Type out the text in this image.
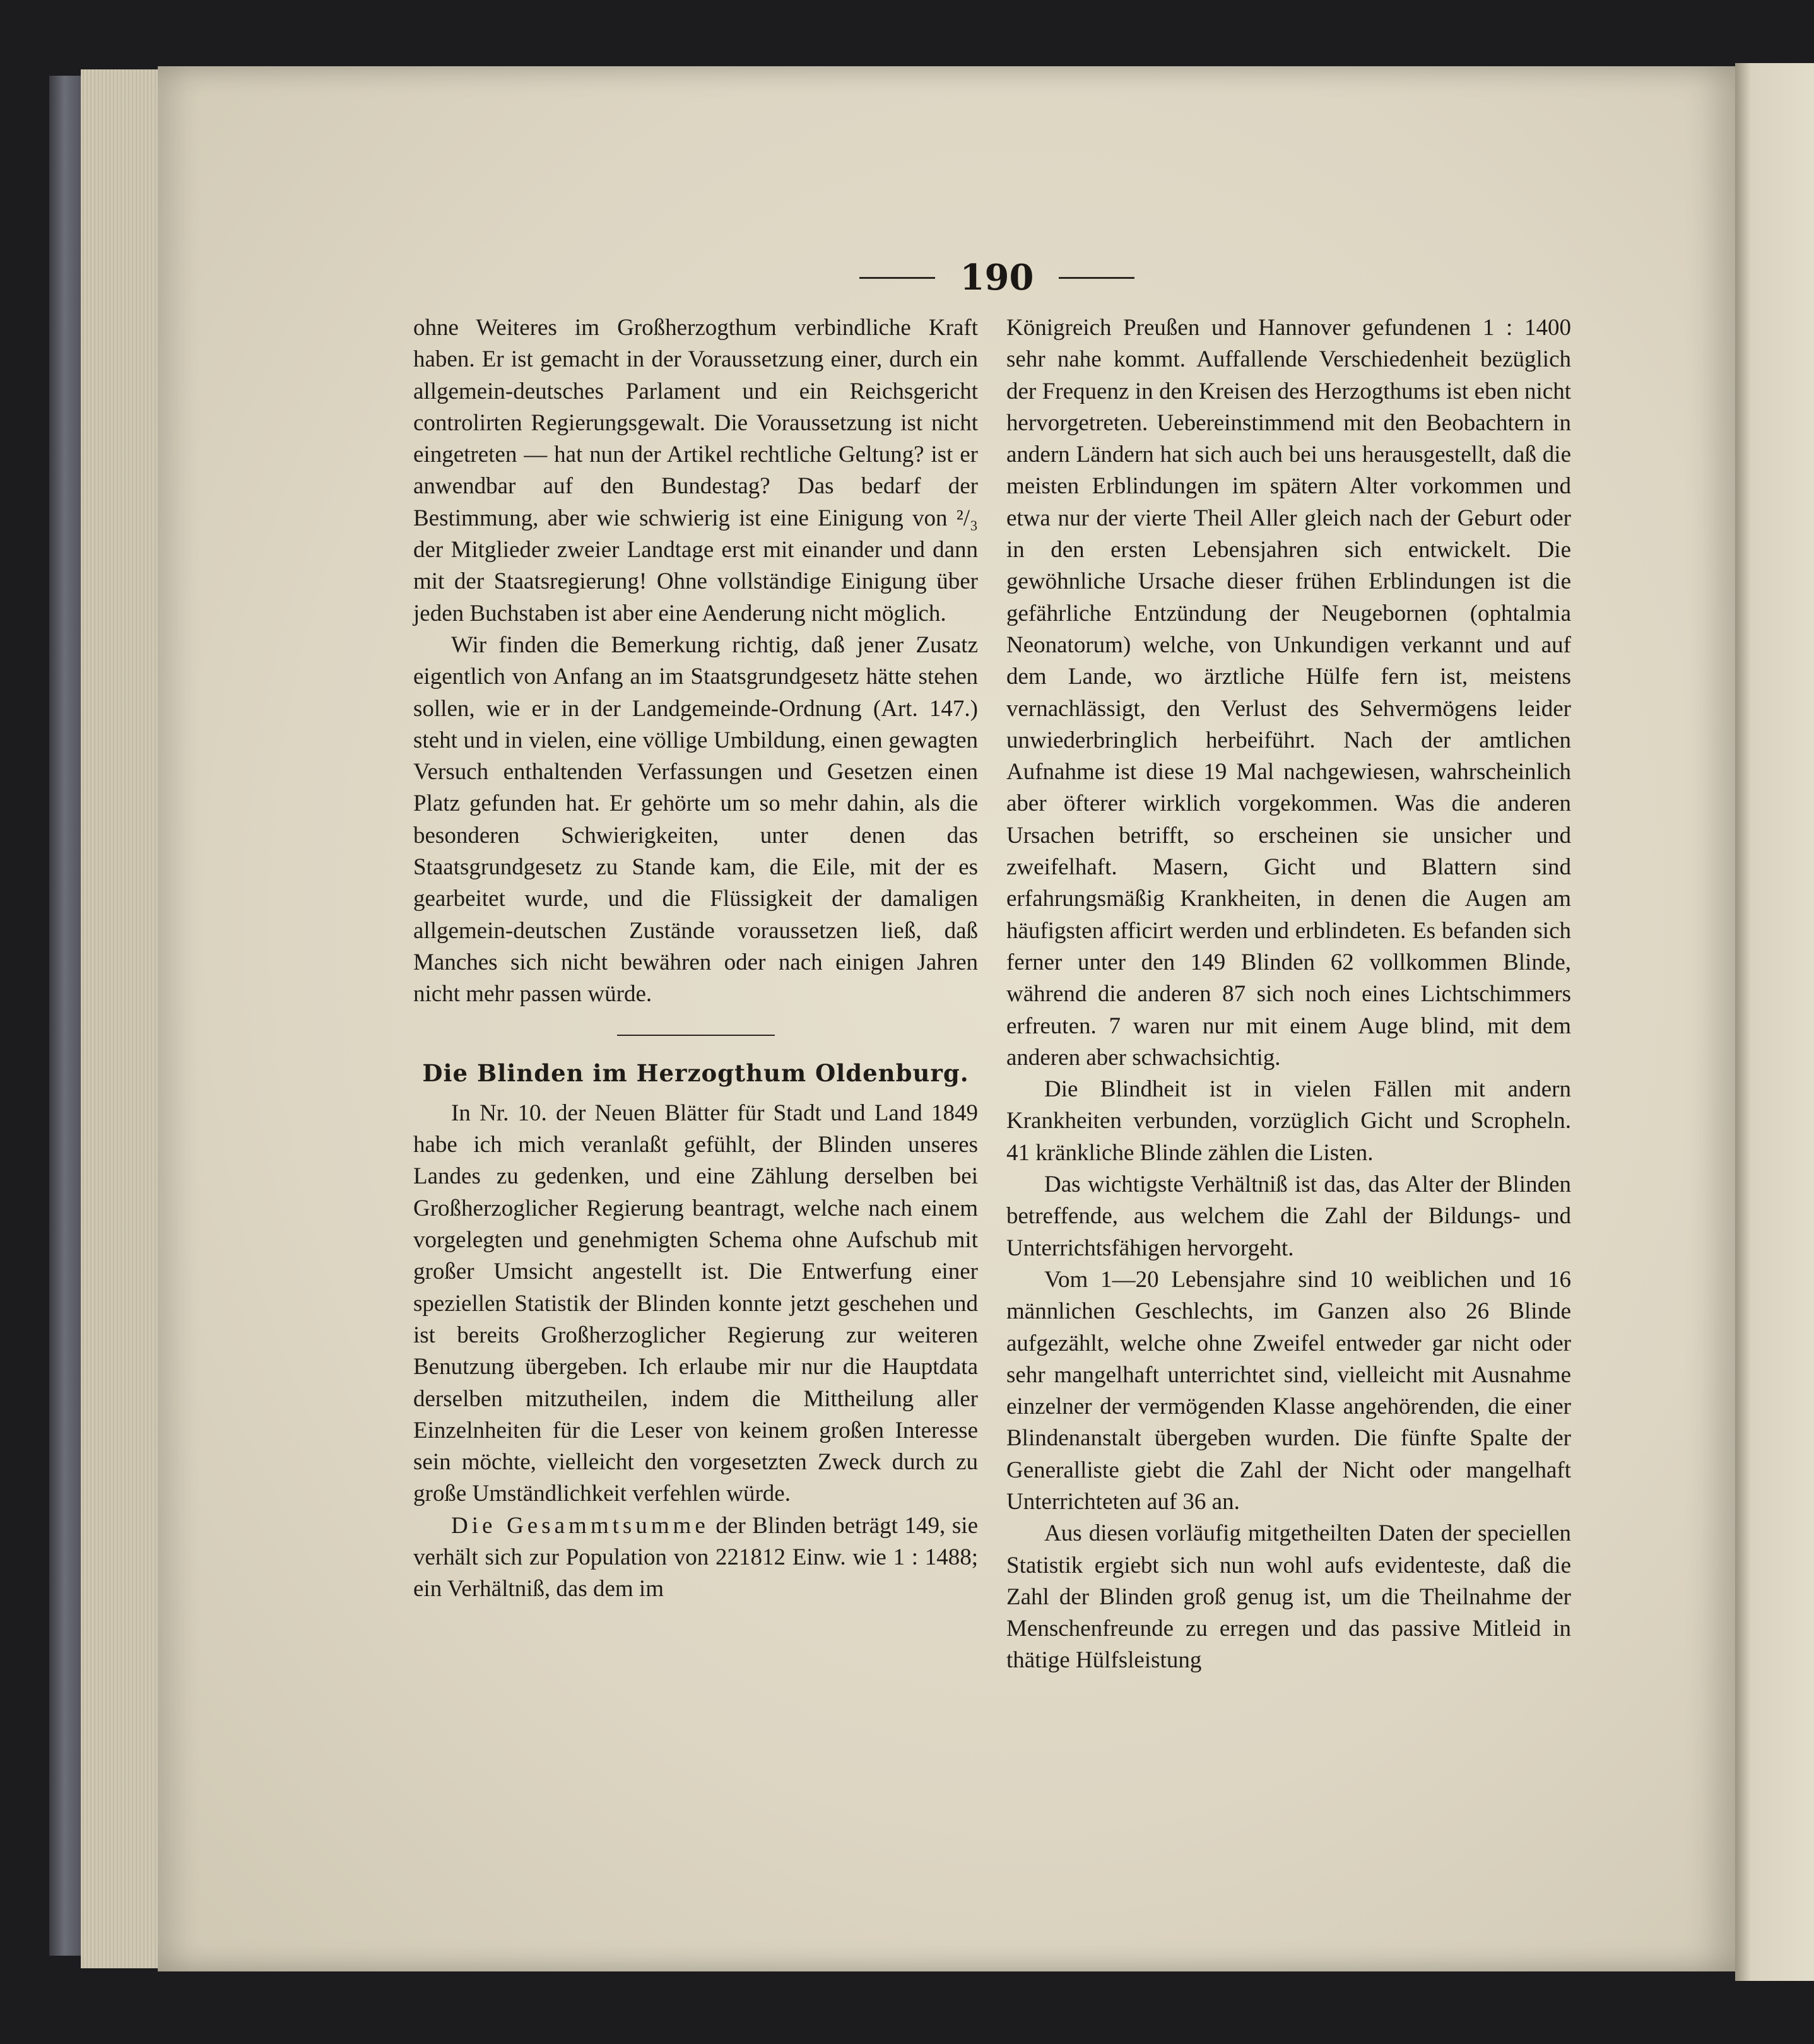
190

ohne Weiteres im Großherzogthum verbindliche Kraft haben. Er ist gemacht in der Voraussetzung einer, durch ein allgemein-deutsches Parlament und ein Reichsgericht controlirten Regierungsgewalt. Die Voraussetzung ist nicht eingetreten — hat nun der Artikel rechtliche Geltung? ist er anwendbar auf den Bundestag? Das bedarf der Bestimmung, aber wie schwierig ist eine Einigung von ²/₃ der Mitglieder zweier Landtage erst mit einander und dann mit der Staatsregierung! Ohne vollständige Einigung über jeden Buchstaben ist aber eine Aenderung nicht möglich.

Wir finden die Bemerkung richtig, daß jener Zusatz eigentlich von Anfang an im Staatsgrundgesetz hätte stehen sollen, wie er in der Landgemeinde-Ordnung (Art. 147.) steht und in vielen, eine völlige Umbildung, einen gewagten Versuch enthaltenden Verfassungen und Gesetzen einen Platz gefunden hat. Er gehörte um so mehr dahin, als die besonderen Schwierigkeiten, unter denen das Staatsgrundgesetz zu Stande kam, die Eile, mit der es gearbeitet wurde, und die Flüssigkeit der damaligen allgemein-deutschen Zustände voraussetzen ließ, daß Manches sich nicht bewähren oder nach einigen Jahren nicht mehr passen würde.

Die Blinden im Herzogthum Oldenburg.

In Nr. 10. der Neuen Blätter für Stadt und Land 1849 habe ich mich veranlaßt gefühlt, der Blinden unseres Landes zu gedenken, und eine Zählung derselben bei Großherzoglicher Regierung beantragt, welche nach einem vorgelegten und genehmigten Schema ohne Aufschub mit großer Umsicht angestellt ist. Die Entwerfung einer speziellen Statistik der Blinden konnte jetzt geschehen und ist bereits Großherzoglicher Regierung zur weiteren Benutzung übergeben. Ich erlaube mir nur die Hauptdata derselben mitzutheilen, indem die Mittheilung aller Einzelnheiten für die Leser von keinem großen Interesse sein möchte, vielleicht den vorgesetzten Zweck durch zu große Umständlichkeit verfehlen würde.

Die Gesammtsumme der Blinden beträgt 149, sie verhält sich zur Population von 221812 Einw. wie 1 : 1488; ein Verhältniß, das dem im

Königreich Preußen und Hannover gefundenen 1 : 1400 sehr nahe kommt. Auffallende Verschiedenheit bezüglich der Frequenz in den Kreisen des Herzogthums ist eben nicht hervorgetreten. Uebereinstimmend mit den Beobachtern in andern Ländern hat sich auch bei uns herausgestellt, daß die meisten Erblindungen im spätern Alter vorkommen und etwa nur der vierte Theil Aller gleich nach der Geburt oder in den ersten Lebensjahren sich entwickelt. Die gewöhnliche Ursache dieser frühen Erblindungen ist die gefährliche Entzündung der Neugebornen (ophtalmia Neonatorum) welche, von Unkundigen verkannt und auf dem Lande, wo ärztliche Hülfe fern ist, meistens vernachlässigt, den Verlust des Sehvermögens leider unwiederbringlich herbeiführt. Nach der amtlichen Aufnahme ist diese 19 Mal nachgewiesen, wahrscheinlich aber öfterer wirklich vorgekommen. Was die anderen Ursachen betrifft, so erscheinen sie unsicher und zweifelhaft. Masern, Gicht und Blattern sind erfahrungsmäßig Krankheiten, in denen die Augen am häufigsten afficirt werden und erblindeten. Es befanden sich ferner unter den 149 Blinden 62 vollkommen Blinde, während die anderen 87 sich noch eines Lichtschimmers erfreuten. 7 waren nur mit einem Auge blind, mit dem anderen aber schwachsichtig.

Die Blindheit ist in vielen Fällen mit andern Krankheiten verbunden, vorzüglich Gicht und Scropheln. 41 kränkliche Blinde zählen die Listen.

Das wichtigste Verhältniß ist das, das Alter der Blinden betreffende, aus welchem die Zahl der Bildungs- und Unterrichtsfähigen hervorgeht.

Vom 1—20 Lebensjahre sind 10 weiblichen und 16 männlichen Geschlechts, im Ganzen also 26 Blinde aufgezählt, welche ohne Zweifel entweder gar nicht oder sehr mangelhaft unterrichtet sind, vielleicht mit Ausnahme einzelner der vermögenden Klasse angehörenden, die einer Blindenanstalt übergeben wurden. Die fünfte Spalte der Generalliste giebt die Zahl der Nicht oder mangelhaft Unterrichteten auf 36 an.

Aus diesen vorläufig mitgetheilten Daten der speciellen Statistik ergiebt sich nun wohl aufs evidenteste, daß die Zahl der Blinden groß genug ist, um die Theilnahme der Menschenfreunde zu erregen und das passive Mitleid in thätige Hülfsleistung
